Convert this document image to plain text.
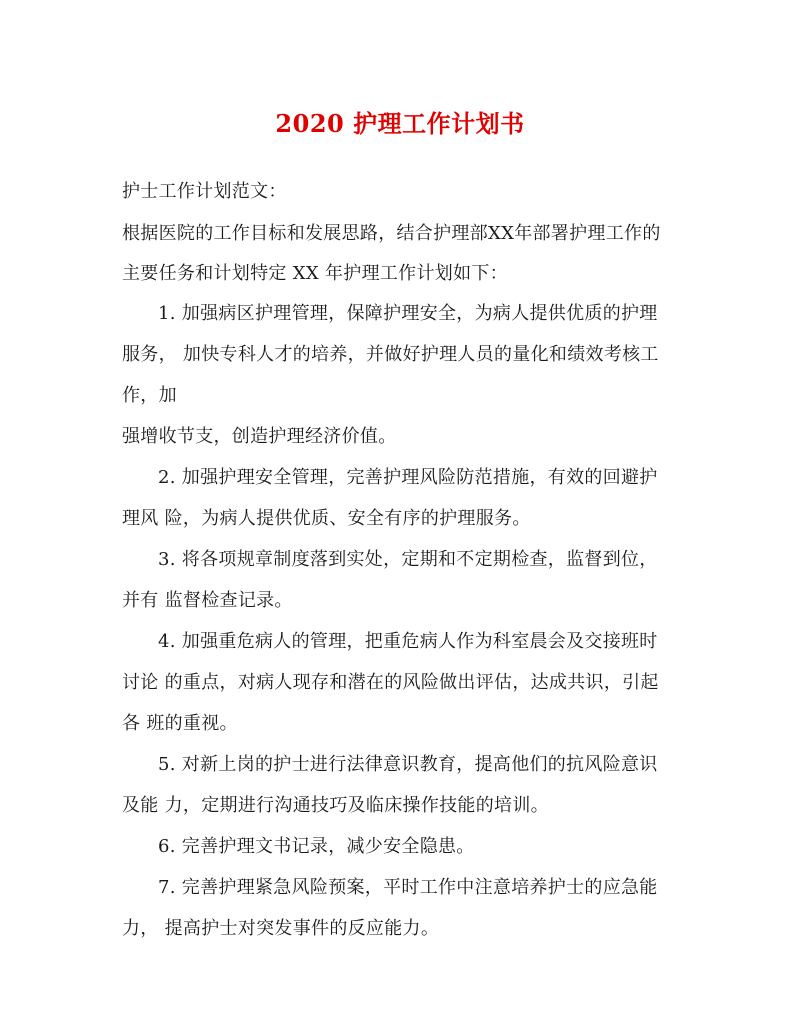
2020 护理工作计划书
护士工作计划范文：
根据医院的工作目标和发展思路，结合护理部XX年部署护理工作的
主要任务和计划特定 XX 年护理工作计划如下：
1. 加强病区护理管理，保障护理安全，为病人提供优质的护理
服务， 加快专科人才的培养，并做好护理人员的量化和绩效考核工
作，加
强增收节支，创造护理经济价值。
2. 加强护理安全管理，完善护理风险防范措施，有效的回避护
理风 险，为病人提供优质、安全有序的护理服务。
3. 将各项规章制度落到实处，定期和不定期检查，监督到位，
并有 监督检查记录。
4. 加强重危病人的管理，把重危病人作为科室晨会及交接班时
讨论 的重点，对病人现存和潜在的风险做出评估，达成共识，引起
各 班的重视。
5. 对新上岗的护士进行法律意识教育，提高他们的抗风险意识
及能 力，定期进行沟通技巧及临床操作技能的培训。
6. 完善护理文书记录，减少安全隐患。
7. 完善护理紧急风险预案，平时工作中注意培养护士的应急能
力， 提高护士对突发事件的反应能力。
